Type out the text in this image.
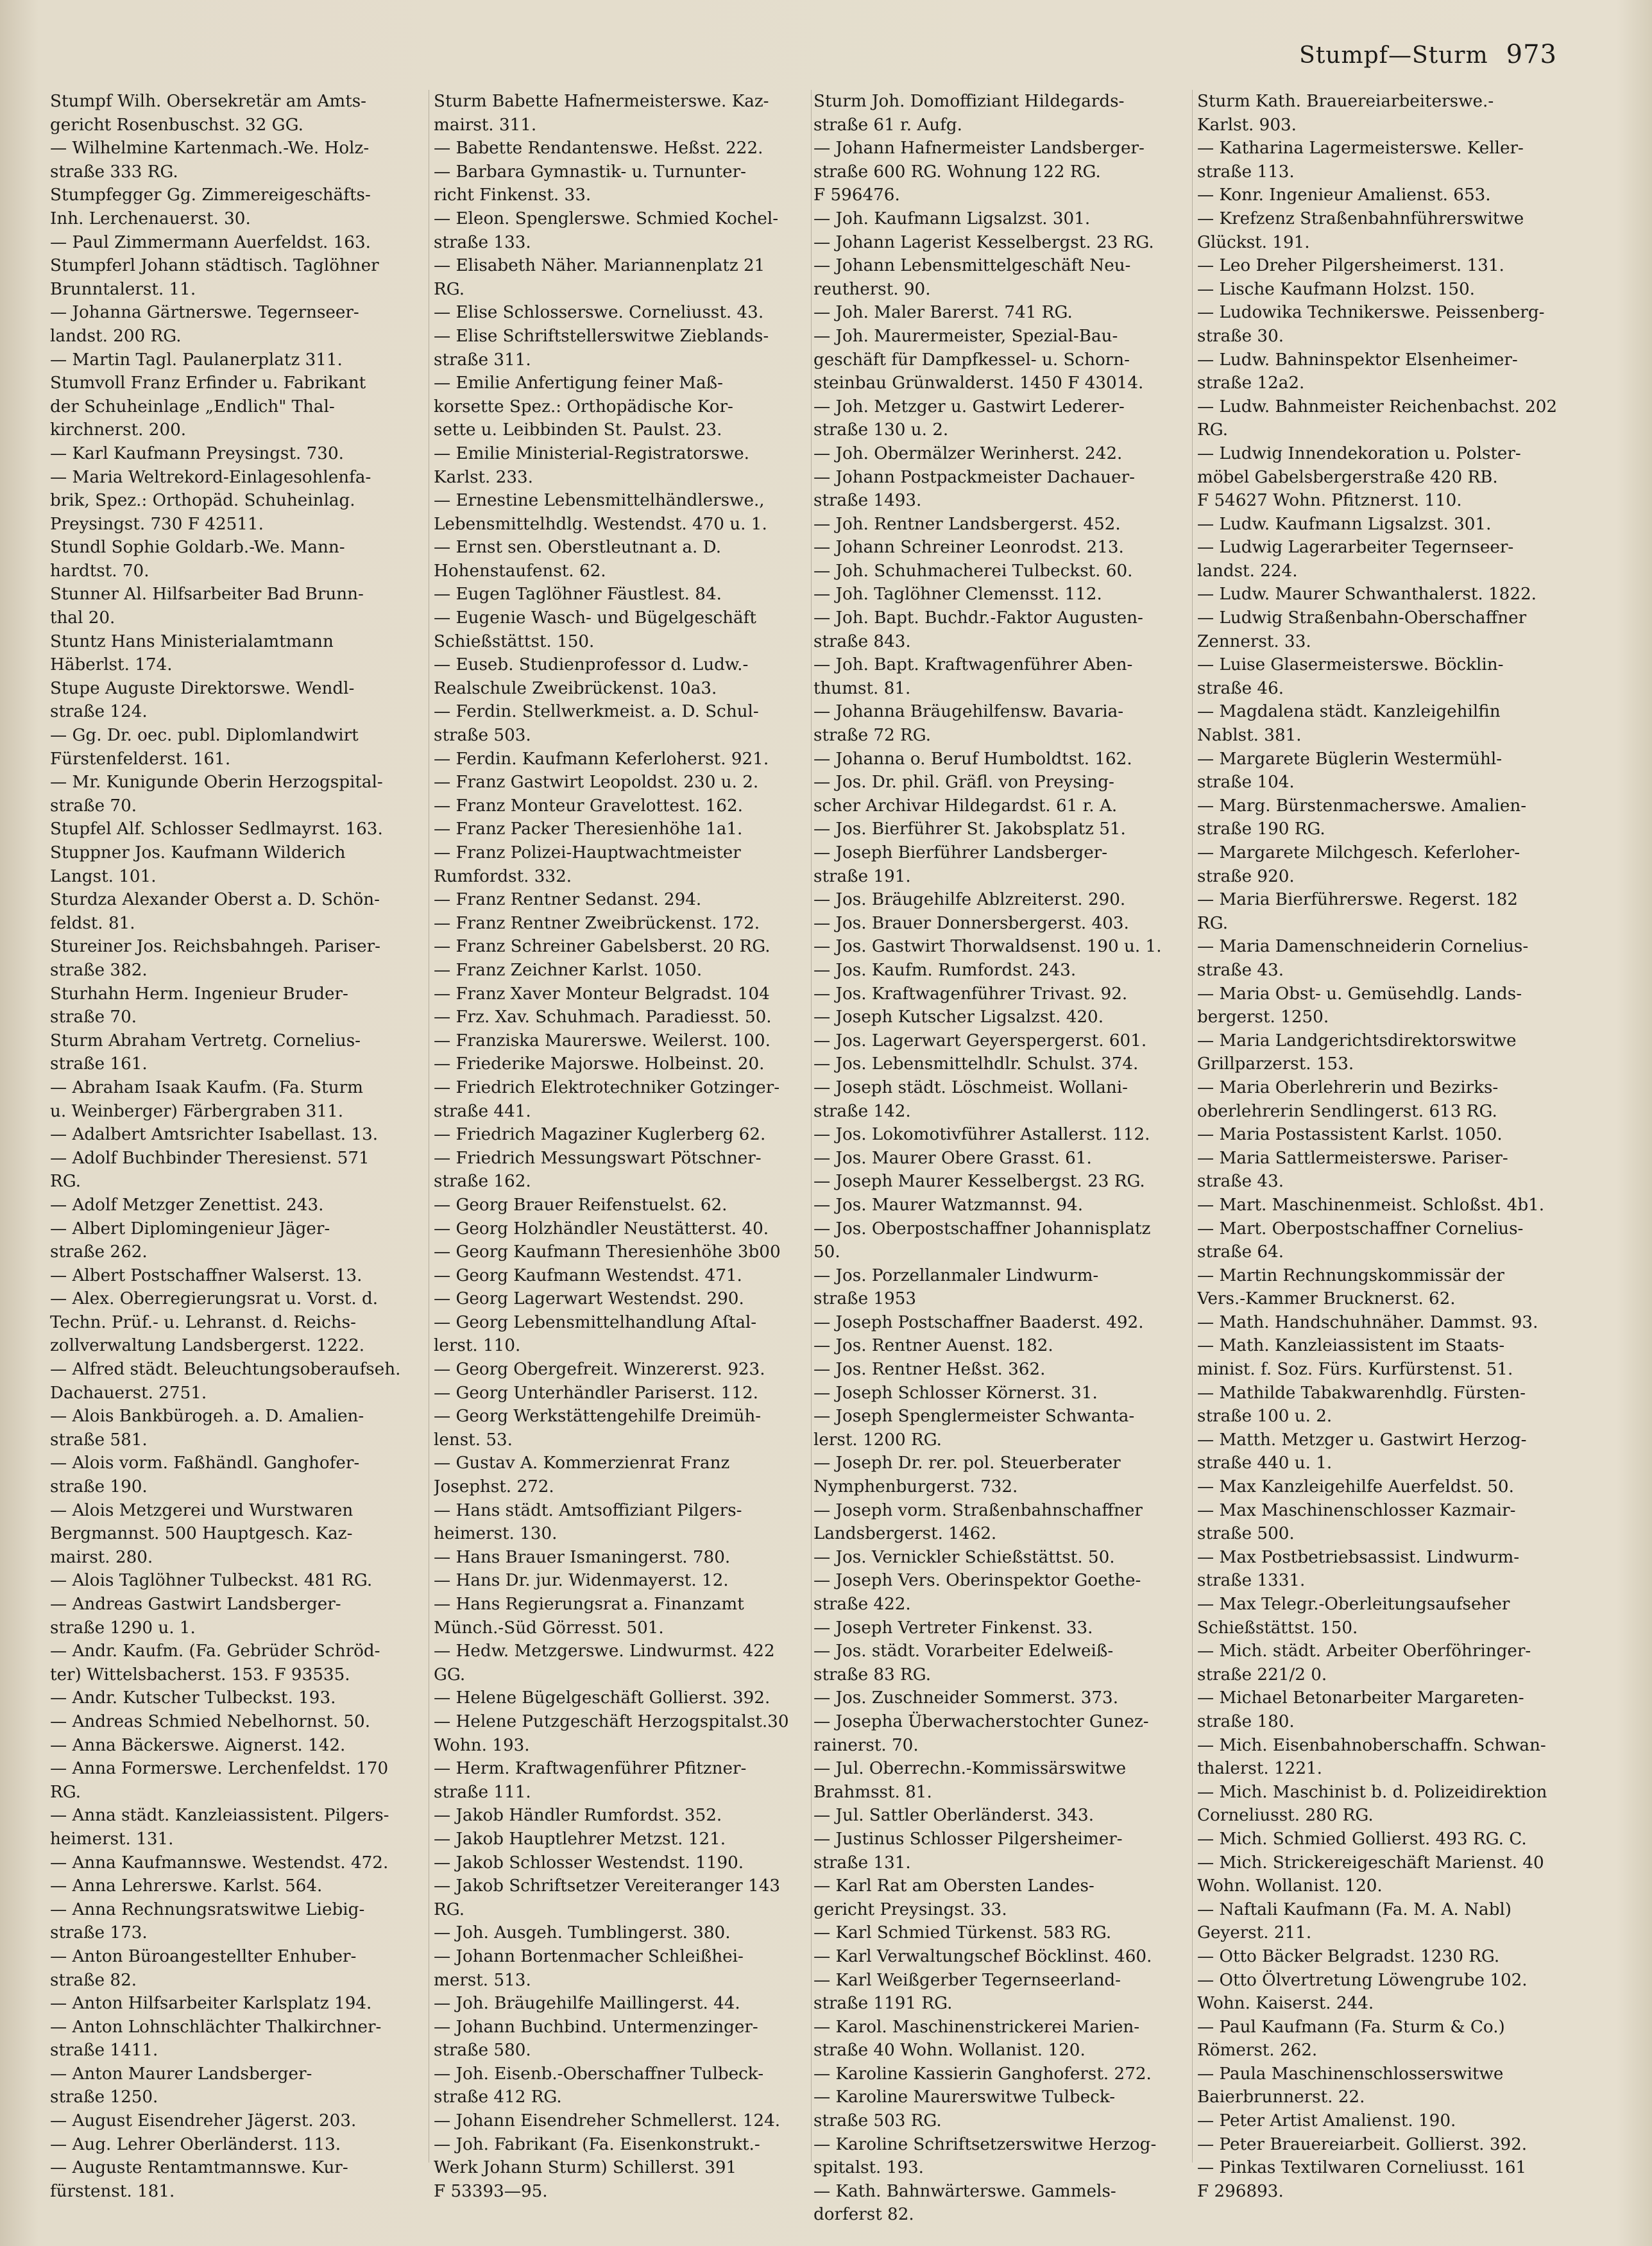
Stumpf—Sturm 973
Stumpf Wilh. Obersekretär am Amts-
gericht Rosenbuschst. 32 GG.
— Wilhelmine Kartenmach.-We. Holz-
straße 333 RG.
Stumpfegger Gg. Zimmereigeschäfts-
Inh. Lerchenauerst. 30.
— Paul Zimmermann Auerfeldst. 163.
Stumpferl Johann städtisch. Taglöhner
Brunntalerst. 11.
— Johanna Gärtnerswe. Tegernseer-
landst. 200 RG.
— Martin Tagl. Paulanerplatz 311.
Stumvoll Franz Erfinder u. Fabrikant
der Schuheinlage „Endlich" Thal-
kirchnerst. 200.
— Karl Kaufmann Preysingst. 730.
— Maria Weltrekord-Einlagesohlenfa-
brik, Spez.: Orthopäd. Schuheinlag.
Preysingst. 730 F 42511.
Stundl Sophie Goldarb.-We. Mann-
hardtst. 70.
Stunner Al. Hilfsarbeiter Bad Brunn-
thal 20.
Stuntz Hans Ministerialamtmann
Häberlst. 174.
Stupe Auguste Direktorswe. Wendl-
straße 124.
— Gg. Dr. oec. publ. Diplomlandwirt
Fürstenfelderst. 161.
— Mr. Kunigunde Oberin Herzogspital-
straße 70.
Stupfel Alf. Schlosser Sedlmayrst. 163.
Stuppner Jos. Kaufmann Wilderich
Langst. 101.
Sturdza Alexander Oberst a. D. Schön-
feldst. 81.
Stureiner Jos. Reichsbahngeh. Pariser-
straße 382.
Sturhahn Herm. Ingenieur Bruder-
straße 70.
Sturm Abraham Vertretg. Cornelius-
straße 161.
— Abraham Isaak Kaufm. (Fa. Sturm
u. Weinberger) Färbergraben 311.
— Adalbert Amtsrichter Isabellast. 13.
— Adolf Buchbinder Theresienst. 571
RG.
— Adolf Metzger Zenettist. 243.
— Albert Diplomingenieur Jäger-
straße 262.
— Albert Postschaffner Walserst. 13.
— Alex. Oberregierungsrat u. Vorst. d.
Techn. Prüf.- u. Lehranst. d. Reichs-
zollverwaltung Landsbergerst. 1222.
— Alfred städt. Beleuchtungsoberaufseh.
Dachauerst. 2751.
— Alois Bankbürogeh. a. D. Amalien-
straße 581.
— Alois vorm. Faßhändl. Ganghofer-
straße 190.
— Alois Metzgerei und Wurstwaren
Bergmannst. 500 Hauptgesch. Kaz-
mairst. 280.
— Alois Taglöhner Tulbeckst. 481 RG.
— Andreas Gastwirt Landsberger-
straße 1290 u. 1.
— Andr. Kaufm. (Fa. Gebrüder Schröd-
ter) Wittelsbacherst. 153. F 93535.
— Andr. Kutscher Tulbeckst. 193.
— Andreas Schmied Nebelhornst. 50.
— Anna Bäckerswe. Aignerst. 142.
— Anna Formerswe. Lerchenfeldst. 170
RG.
— Anna städt. Kanzleiassistent. Pilgers-
heimerst. 131.
— Anna Kaufmannswe. Westendst. 472.
— Anna Lehrerswe. Karlst. 564.
— Anna Rechnungsratswitwe Liebig-
straße 173.
— Anton Büroangestellter Enhuber-
straße 82.
— Anton Hilfsarbeiter Karlsplatz 194.
— Anton Lohnschlächter Thalkirchner-
straße 1411.
— Anton Maurer Landsberger-
straße 1250.
— August Eisendreher Jägerst. 203.
— Aug. Lehrer Oberländerst. 113.
— Auguste Rentamtmannswe. Kur-
fürstenst. 181.
Sturm Babette Hafnermeisterswe. Kaz-
mairst. 311.
— Babette Rendantenswe. Heßst. 222.
— Barbara Gymnastik- u. Turnunter-
richt Finkenst. 33.
— Eleon. Spenglerswe. Schmied Kochel-
straße 133.
— Elisabeth Näher. Mariannenplatz 21
RG.
— Elise Schlosserswe. Corneliusst. 43.
— Elise Schriftstellerswitwe Zieblands-
straße 311.
— Emilie Anfertigung feiner Maß-
korsette Spez.: Orthopädische Kor-
sette u. Leibbinden St. Paulst. 23.
— Emilie Ministerial-Registratorswe.
Karlst. 233.
— Ernestine Lebensmittelhändlerswe.,
Lebensmittelhdlg. Westendst. 470 u. 1.
— Ernst sen. Oberstleutnant a. D.
Hohenstaufenst. 62.
— Eugen Taglöhner Fäustlest. 84.
— Eugenie Wasch- und Bügelgeschäft
Schießstättst. 150.
— Eusеb. Studienprofessor d. Ludw.-
Realschule Zweibrückenst. 10a3.
— Ferdin. Stellwerkmeist. a. D. Schul-
straße 503.
— Ferdin. Kaufmann Keferloherst. 921.
— Franz Gastwirt Leopoldst. 230 u. 2.
— Franz Monteur Gravelottest. 162.
— Franz Packer Theresienhöhe 1a1.
— Franz Polizei-Hauptwachtmeister
Rumfordst. 332.
— Franz Rentner Sedanst. 294.
— Franz Rentner Zweibrückenst. 172.
— Franz Schreiner Gabelsberst. 20 RG.
— Franz Zeichner Karlst. 1050.
— Franz Xaver Monteur Belgradst. 104
— Frz. Xav. Schuhmach. Paradiesst. 50.
— Franziska Maurerswe. Weilerst. 100.
— Friederike Majorswe. Holbeinst. 20.
— Friedrich Elektrotechniker Gotzinger-
straße 441.
— Friedrich Magaziner Kuglerberg 62.
— Friedrich Messungswart Pötschner-
straße 162.
— Georg Brauer Reifenstuelst. 62.
— Georg Holzhändler Neustätterst. 40.
— Georg Kaufmann Theresienhöhe 3b00
— Georg Kaufmann Westendst. 471.
— Georg Lagerwart Westendst. 290.
— Georg Lebensmittelhandlung Aſtal-
lerst. 110.
— Georg Obergefreit. Winzererst. 923.
— Georg Unterhändler Pariserst. 112.
— Georg Werkstättengehilfe Dreimüh-
lenst. 53.
— Gustav A. Kommerzienrat Franz
Josephst. 272.
— Hans städt. Amtsoffiziant Pilgers-
heimerst. 130.
— Hans Brauer Ismaningerst. 780.
— Hans Dr. jur. Widenmayerst. 12.
— Hans Regierungsrat a. Finanzamt
Münch.-Süd Görresst. 501.
— Hedw. Metzgerswe. Lindwurmst. 422
GG.
— Helene Bügelgeschäft Gollierst. 392.
— Helene Putzgeschäft Herzogspitalst.30
Wohn. 193.
— Herm. Kraftwagenführer Pfitzner-
straße 111.
— Jakob Händler Rumfordst. 352.
— Jakob Hauptlehrer Metzst. 121.
— Jakob Schlosser Westendst. 1190.
— Jakob Schriftsetzer Vereiteranger 143
RG.
— Joh. Ausgeh. Tumblingerst. 380.
— Johann Bortenmacher Schleißhei-
merst. 513.
— Joh. Bräugehilfe Maillingerst. 44.
— Johann Buchbind. Untermenzinger-
straße 580.
— Joh. Eisenb.-Oberschaffner Tulbeck-
straße 412 RG.
— Johann Eisendreher Schmellerst. 124.
— Joh. Fabrikant (Fa. Eisenkonstrukt.-
Werk Johann Sturm) Schillerst. 391
F 53393—95.
Sturm Joh. Domoffiziant Hildegards-
straße 61 r. Aufg.
— Johann Hafnermeister Landsberger-
straße 600 RG. Wohnung 122 RG.
F 596476.
— Joh. Kaufmann Ligsalzst. 301.
— Johann Lagerist Kesselbergst. 23 RG.
— Johann Lebensmittelgeschäft Neu-
reutherst. 90.
— Joh. Maler Barerst. 741 RG.
— Joh. Maurermeister, Spezial-Bau-
geschäft für Dampfkessel- u. Schorn-
steinbau Grünwalderst. 1450 F 43014.
— Joh. Metzger u. Gastwirt Lederer-
straße 130 u. 2.
— Joh. Obermälzer Werinherst. 242.
— Johann Postpackmeister Dachauer-
straße 1493.
— Joh. Rentner Landsbergerst. 452.
— Johann Schreiner Leonrodst. 213.
— Joh. Schuhmacherei Tulbeckst. 60.
— Joh. Taglöhner Clemensst. 112.
— Joh. Bapt. Buchdr.-Faktor Augusten-
straße 843.
— Joh. Bapt. Kraftwagenführer Aben-
thumst. 81.
— Johanna Bräugehilfensw. Bavaria-
straße 72 RG.
— Johanna o. Beruf Humboldtst. 162.
— Jos. Dr. phil. Gräfl. von Preysing-
scher Archivar Hildegardst. 61 r. A.
— Jos. Bierführer St. Jakobsplatz 51.
— Joseph Bierführer Landsberger-
straße 191.
— Jos. Bräugehilfe Ablzreiterst. 290.
— Jos. Brauer Donnersbergerst. 403.
— Jos. Gastwirt Thorwaldsenst. 190 u. 1.
— Jos. Kaufm. Rumfordst. 243.
— Jos. Kraftwagenführer Trivast. 92.
— Joseph Kutscher Ligsalzst. 420.
— Jos. Lagerwart Geyerspergerst. 601.
— Jos. Lebensmittelhdlr. Schulst. 374.
— Joseph städt. Löschmeist. Wollani-
straße 142.
— Jos. Lokomotivführer Astallerst. 112.
— Jos. Maurer Obere Grasst. 61.
— Joseph Maurer Kesselbergst. 23 RG.
— Jos. Maurer Watzmannst. 94.
— Jos. Oberpostschaffner Johannisplatz 50.
— Jos. Porzellanmaler Lindwurm-
straße 1953
— Joseph Postschaffner Baaderst. 492.
— Jos. Rentner Auenst. 182.
— Jos. Rentner Heßst. 362.
— Joseph Schlosser Körnerst. 31.
— Joseph Spenglermeister Schwanta-
lerst. 1200 RG.
— Joseph Dr. rer. pol. Steuerberater
Nymphenburgerst. 732.
— Joseph vorm. Straßenbahnschaffner
Landsbergerst. 1462.
— Jos. Vernickler Schießstättst. 50.
— Joseph Vers. Oberinspektor Goethe-
straße 422.
— Joseph Vertreter Finkenst. 33.
— Jos. städt. Vorarbeiter Edelweiß-
straße 83 RG.
— Jos. Zuschneider Sommerst. 373.
— Josepha Überwacherstochter Gunez-
rainerst. 70.
— Jul. Oberrechn.-Kommissärswitwe
Brahmsst. 81.
— Jul. Sattler Oberländerst. 343.
— Justinus Schlosser Pilgersheimer-
straße 131.
— Karl Rat am Obersten Landes-
gericht Preysingst. 33.
— Karl Schmied Türkenst. 583 RG.
— Karl Verwaltungschef Böcklinst. 460.
— Karl Weißgerber Tegernseerland-
straße 1191 RG.
— Karol. Maschinenstrickerei Marien-
straße 40 Wohn. Wollanist. 120.
— Karoline Kassierin Ganghoferst. 272.
— Karoline Maurerswitwe Tulbeck-
straße 503 RG.
— Karoline Schriftsetzerswitwe Herzog-
spitalst. 193.
— Kath. Bahnwärterswe. Gammels-
dorferst 82.
Sturm Kath. Brauereiarbeiterswe.-
Karlst. 903.
— Katharina Lagermeisterswe. Keller-
straße 113.
— Konr. Ingenieur Amalienst. 653.
— Krefzenz Straßenbahnführerswitwe
Glückst. 191.
— Leo Dreher Pilgersheimerst. 131.
— Lische Kaufmann Holzst. 150.
— Ludowika Technikerswe. Peissenberg-
straße 30.
— Ludw. Bahninspektor Elsenheimer-
straße 12a2.
— Ludw. Bahnmeister Reichenbachst. 202
RG.
— Ludwig Innendekoration u. Polster-
möbel Gabelsbergerstraße 420 RB.
F 54627 Wohn. Pfitznerst. 110.
— Ludw. Kaufmann Ligsalzst. 301.
— Ludwig Lagerarbeiter Tegernseer-
landst. 224.
— Ludw. Maurer Schwanthalerst. 1822.
— Ludwig Straßenbahn-Oberschaffner
Zennerst. 33.
— Luise Glasermeisterswe. Böcklin-
straße 46.
— Magdalena städt. Kanzleigehilfin
Nablst. 381.
— Margarete Büglerin Westermühl-
straße 104.
— Marg. Bürstenmacherswe. Amalien-
straße 190 RG.
— Margarete Milchgesch. Keferloher-
straße 920.
— Maria Bierführerswe. Regerst. 182
RG.
— Maria Damenschneiderin Cornelius-
straße 43.
— Maria Obst- u. Gemüsehdlg. Lands-
bergerst. 1250.
— Maria Landgerichtsdirektorswitwe
Grillparzerst. 153.
— Maria Oberlehrerin und Bezirks-
oberlehrerin Sendlingerst. 613 RG.
— Maria Postassistent Karlst. 1050.
— Maria Sattlermeisterswe. Pariser-
straße 43.
— Mart. Maschinenmeist. Schloßst. 4b1.
— Mart. Oberpostschaffner Cornelius-
straße 64.
— Martin Rechnungskommissär der
Vers.-Kammer Brucknerst. 62.
— Math. Handschuhnäher. Dammst. 93.
— Math. Kanzleiassistent im Staats-
minist. f. Soz. Fürs. Kurfürstenst. 51.
— Mathilde Tabakwarenhdlg. Fürsten-
straße 100 u. 2.
— Matth. Metzger u. Gastwirt Herzog-
straße 440 u. 1.
— Max Kanzleigehilfe Auerfeldst. 50.
— Max Maschinenschlosser Kazmair-
straße 500.
— Max Postbetriebsassist. Lindwurm-
straße 1331.
— Max Telegr.-Oberleitungsaufseher
Schießstättst. 150.
— Mich. städt. Arbeiter Oberföhringer-
straße 221/2 0.
— Michael Betonarbeiter Margareten-
straße 180.
— Mich. Eisenbahnoberschaffn. Schwan-
thalerst. 1221.
— Mich. Maschinist b. d. Polizeidirektion
Corneliusst. 280 RG.
— Mich. Schmied Gollierst. 493 RG. C.
— Mich. Strickereigeschäft Marienst. 40
Wohn. Wollanist. 120.
— Naftali Kaufmann (Fa. M. A. Nabl)
Geyerst. 211.
— Otto Bäcker Belgradst. 1230 RG.
— Otto Ölvertretung Löwengrube 102.
Wohn. Kaiserst. 244.
— Paul Kaufmann (Fa. Sturm & Co.)
Römerst. 262.
— Paula Maschinenschlosserswitwe
Baierbrunnerst. 22.
— Peter Artist Amalienst. 190.
— Peter Brauereiarbeit. Gollierst. 392.
— Pinkas Textilwaren Corneliusst. 161
F 296893.
